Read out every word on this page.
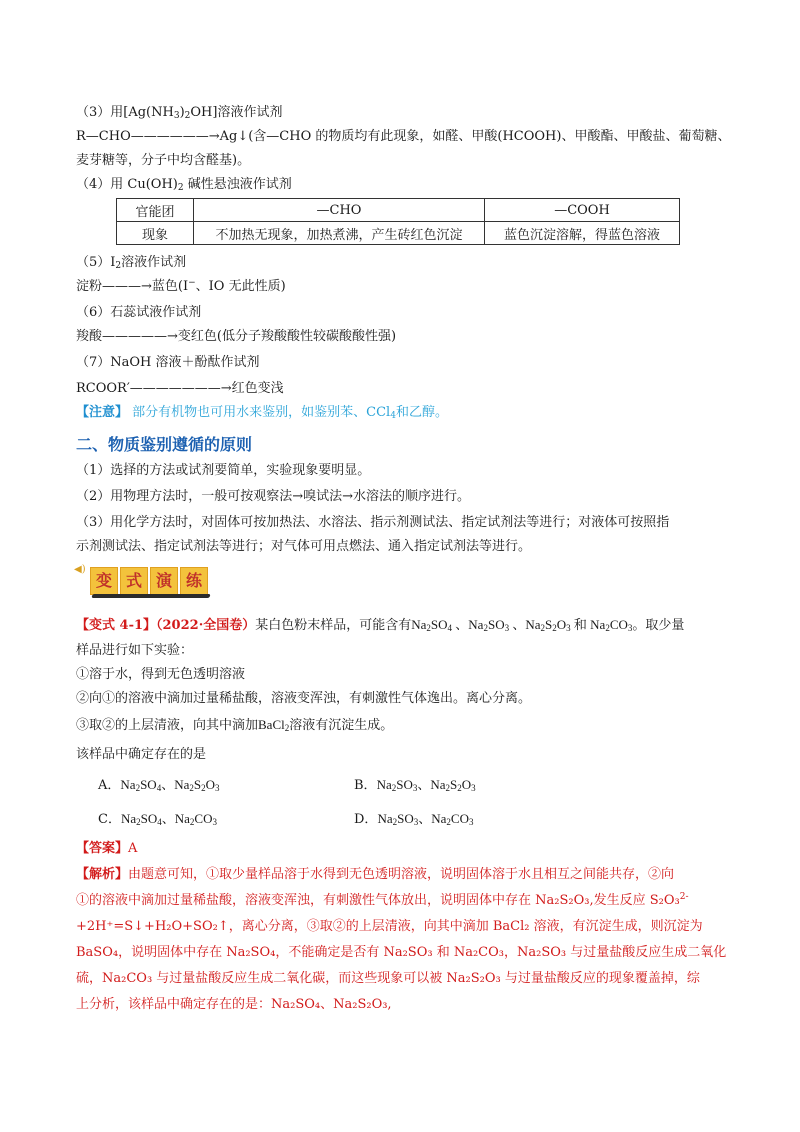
（3）用$[Ag(NH_3)_2OH]$溶液作试剂
R—CHO——————→Ag↓(含—CHO 的物质均有此现象，如醛、甲酸(HCOOH)、甲酸酯、甲酸盐、葡萄糖、
麦芽糖等，分子中均含醛基)。
（4）用 $Cu(OH)_2$ 碱性悬浊液作试剂
官能团	—CHO	—COOH
现象	不加热无现象，加热煮沸，产生砖红色沉淀	蓝色沉淀溶解，得蓝色溶液
$(5)I_2$溶液作试剂
淀粉———→蓝色(I−、IO 无此性质)
（6）石蕊试液作试剂
羧酸—————→变红色(低分子羧酸酸性较碳酸酸性强)
（7）NaOH 溶液＋酚酞作试剂
RCOOR′———————→红色变浅
【注意】 部分有机物也可用水来鉴别，如鉴别苯、CCl$_4$和乙醇。
二、物质鉴别遵循的原则
（1）选择的方法或试剂要简单，实验现象要明显。
（2）用物理方法时，一般可按观察法→嗅试法→水溶法的顺序进行。
（3）用化学方法时，对固体可按加热法、水溶法、指示剂测试法、指定试剂法等进行；对液体可按照指
示剂测试法、指定试剂法等进行；对气体可用点燃法、通入指定试剂法等进行。
◀)
变 式 演 练
【变式 4-1】（2022·全国卷）某白色粉末样品，可能含有$Na_2SO_4$ 、$Na_2SO_3$ 、$Na_2S_2O_3$ 和 $Na_2CO_3$。取少量
样品进行如下实验：
①溶于水，得到无色透明溶液
②向①的溶液中滴加过量稀盐酸，溶液变浑浊，有刺激性气体逸出。离心分离。
③取②的上层清液，向其中滴加BaCl$_2$溶液有沉淀生成。
该样品中确定存在的是
A．$Na_2SO_4$、$Na_2S_2O_3$	B．$Na_2SO_3$、$Na_2S_2O_3$
C．$Na_2SO_4$、$Na_2CO_3$	D．$Na_2SO_3$、$Na_2CO_3$
【答案】A
【解析】由题意可知，①取少量样品溶于水得到无色透明溶液，说明固体溶于水且相互之间能共存，②向
①的溶液中滴加过量稀盐酸，溶液变浑浊，有刺激性气体放出，说明固体中存在 Na₂S₂O₃,发生反应 S₂O₃$^{2-}$
+2H⁺=S↓+H₂O+SO₂↑，离心分离，③取②的上层清液，向其中滴加 BaCl₂ 溶液，有沉淀生成，则沉淀为
BaSO₄，说明固体中存在 Na₂SO₄，不能确定是否有 Na₂SO₃ 和 Na₂CO₃，Na₂SO₃ 与过量盐酸反应生成二氧化
硫，Na₂CO₃ 与过量盐酸反应生成二氧化碳，而这些现象可以被 Na₂S₂O₃ 与过量盐酸反应的现象覆盖掉，综
上分析，该样品中确定存在的是：Na₂SO₄、Na₂S₂O₃,
